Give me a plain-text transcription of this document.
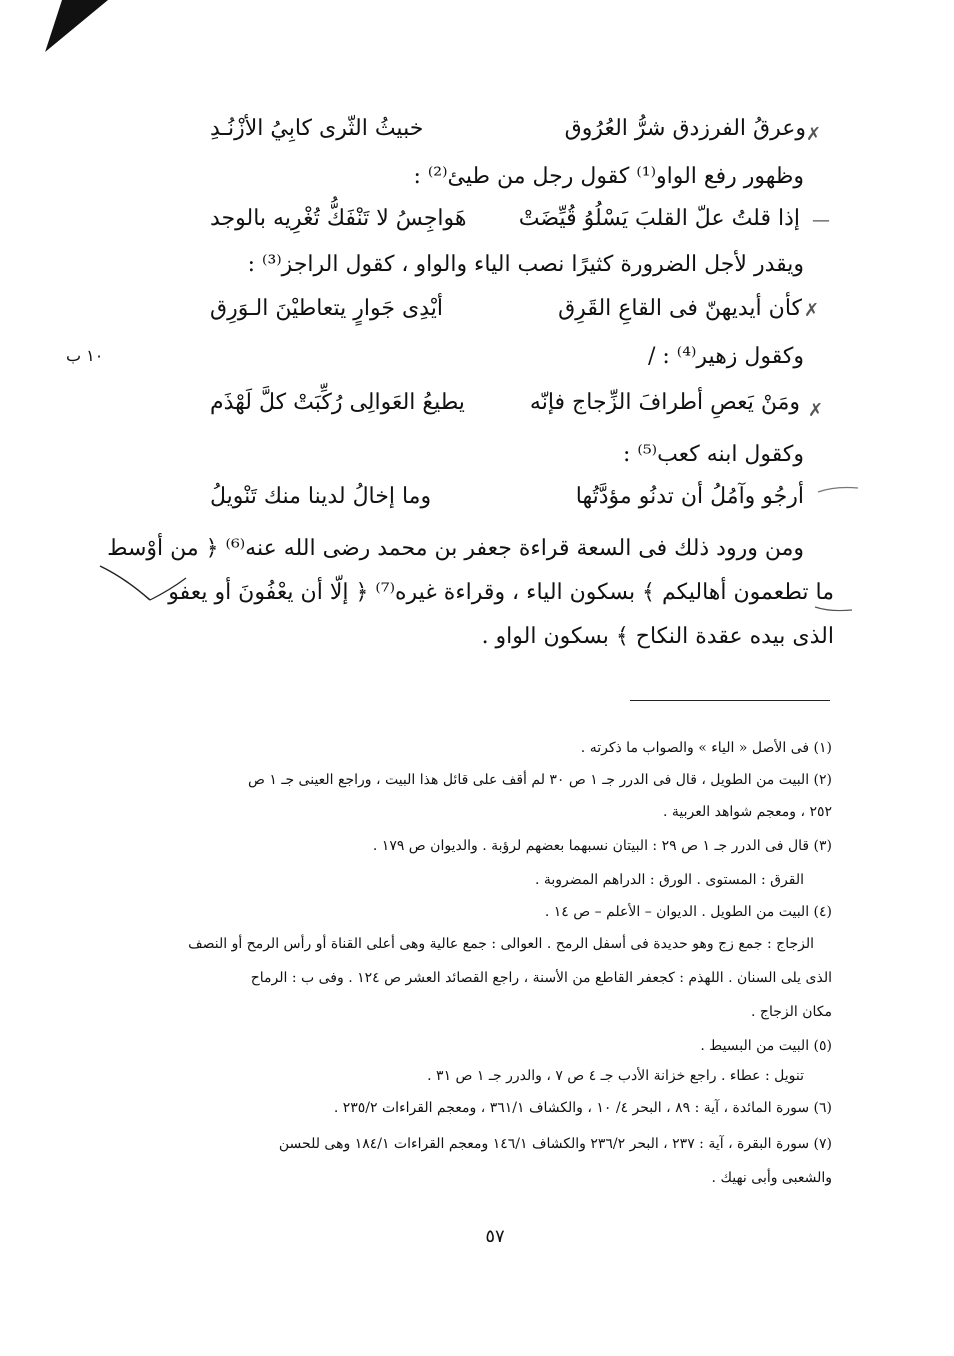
١٠ ب
✗
—
✗
✗
وعرقُ الفرزدق شرُّ العُرُوق
خبيثُ الثّرى كابِيُ الأزْنُـدِ
وظهور رفع الواو⁽¹⁾ كقول رجل من طيئ⁽²⁾ :
إذا قلتُ علّ القلبَ يَسْلُوُ قُيِّضَتْ
هَواجِسُ لا تَنْفَكُّ تُغْرِيه بالوجد
ويقدر لأجل الضرورة كثيرًا نصب الياء والواو ، كقول الراجز⁽³⁾ :
كأن أيديهنّ فى القاعِ القَرِق
أيْدِى جَوارٍ يتعاطيْنَ الـوَرِق
وكقول زهير⁽⁴⁾ : /
ومَنْ يَعصِ أطرافَ الزِّجاج فإنّه
يطيعُ العَوالِى رُكِّبَتْ كلَّ لَهْذَم
وكقول ابنه كعب⁽⁵⁾ :
أرجُو وآمُلُ أن تدنُو مؤدَّتُها
وما إخالُ لدينا منك تَنْويلُ
ومن ورود ذلك فى السعة قراءة جعفر بن محمد رضى الله عنه⁽⁶⁾ ﴿ من أوْسط
ما تطعمون أهاليكم ﴾ بسكون الياء ، وقراءة غيره⁽⁷⁾ ﴿ إلّا أن يعْفُونَ أو يعفو
الذى بيده عقدة النكاح ﴾ بسكون الواو .
(١) فى الأصل « الياء » والصواب ما ذكرته .
(٢) البيت من الطويل ، قال فى الدرر جـ ١ ص ٣٠ لم أقف على قائل هذا البيت ، وراجع العينى جـ ١ ص
٢٥٢ ، ومعجم شواهد العربية .
(٣) قال فى الدرر جـ ١ ص ٢٩ : البيتان نسبهما بعضهم لرؤبة . والديوان ص ١٧٩ .
القرق : المستوى . الورق : الدراهم المضروبة .
(٤) البيت من الطويل . الديوان – الأعلم – ص ١٤ .
الزجاج : جمع زج وهو حديدة فى أسفل الرمح . العوالى : جمع عالية وهى أعلى القناة أو رأس الرمح أو النصف
الذى يلى السنان . اللهذم : كجعفر القاطع من الأسنة ، راجع القصائد العشر ص ١٢٤ . وفى ب : الرماح
مكان الزجاج .
(٥) البيت من البسيط .
تنويل : عطاء . راجع خزانة الأدب جـ ٤ ص ٧ ، والدرر جـ ١ ص ٣١ .
(٦) سورة المائدة ، آية : ٨٩ ، البحر ٤/ ١٠ ، والكشاف ٣٦١/١ ، ومعجم القراءات ٢٣٥/٢ .
(٧) سورة البقرة ، آية : ٢٣٧ ، البحر ٢٣٦/٢ والكشاف ١٤٦/١ ومعجم القراءات ١٨٤/١ وهى للحسن
والشعبى وأبى نهيك .
٥٧
